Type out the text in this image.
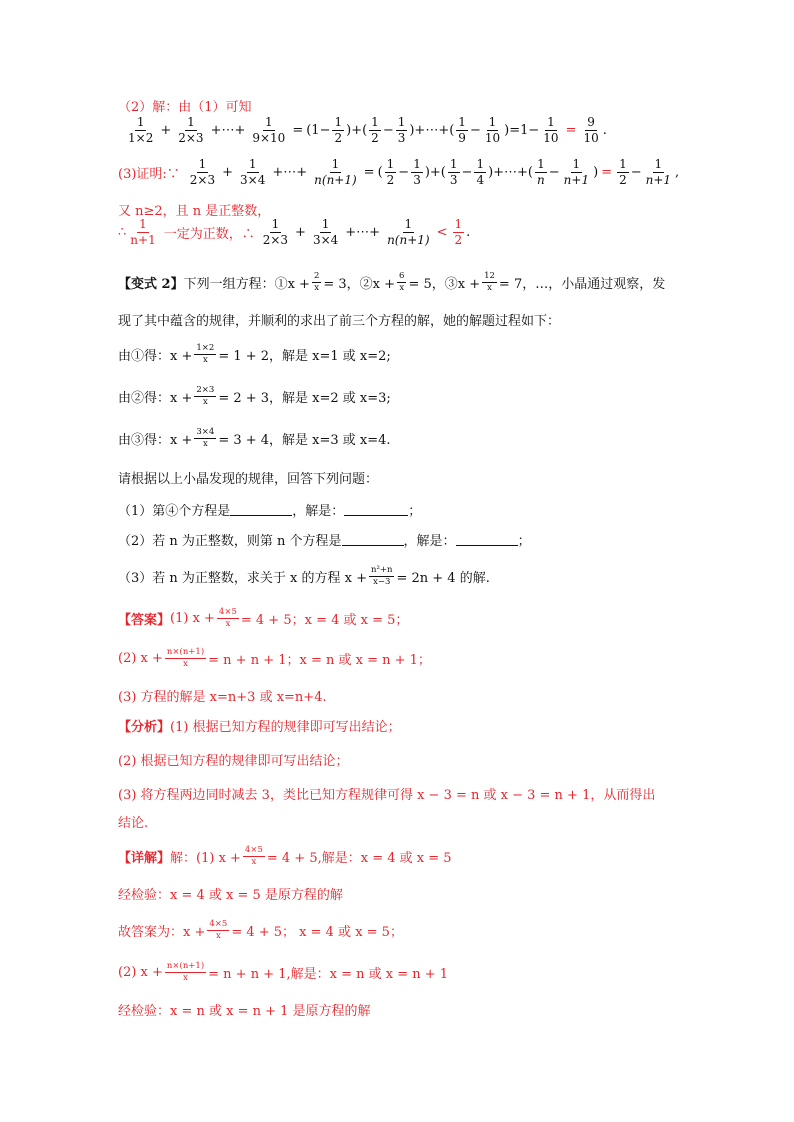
（2）解：由（1）可知
$\frac{1}{1\times 2} + \frac{1}{2\times 3}$ +⋯+ $\frac{1}{9\times 10} = (1- \frac{1}{2}$ )+( $\frac{1}{2} - \frac{1}{3}$ )+⋯+( $\frac{1}{9} - \frac{1}{10} )=1- \frac{1}{10} = \frac{9}{10}$ .
(3)证明:∵ $\frac{1}{2\times 3} + \frac{1}{3\times 4}$ +⋯+ $\frac{1}{n(n+1)}$ = ( $\frac{1}{2} - \frac{1}{3}$ )+( $\frac{1}{3} - \frac{1}{4}$ )+⋯+( $\frac{1}{n} - \frac{1}{n+1}$ ) = $\frac{1}{2} - \frac{1}{n+1}$ ,
又 n≥2，且 n 是正整数，
∴ $\frac{1}{n+1}$ 一定为正数，∴ $\frac{1}{2\times 3} + \frac{1}{3\times 4}$ +⋯+ $\frac{1}{n(n+1)} < \frac{1}{2}$ .
【变式 2】 下列一组方程：①x + $\frac{2}{x} = 3$，②x + $\frac{6}{x} = 5$，③x + $\frac{12}{x} = 7$，…，小晶通过观察，发
现了其中蕴含的规律，并顺利的求出了前三个方程的解，她的解题过程如下：
由①得：$x + \frac{1\times 2}{x} = 1 + 2$，解是 x=1 或 x=2;
由②得：$x + \frac{2\times 3}{x} = 2 + 3$，解是 x=2 或 x=3;
由③得：$x + \frac{3\times 4}{x} = 3 + 4$，解是 x=3 或 x=4.
请根据以上小晶发现的规律，回答下列问题：
（1）第④个方程是	，解是：	；
（2）若 n 为正整数，则第 n 个方程是	，解是：	；
（3）若 n 为正整数，求关于 x 的方程 $x + \frac{\text{n²+n}}{x-3} = 2n + 4$ 的解.
【答案】 (1) $x + \frac{4\times 5}{x} = 4 + 5$；x = 4 或 x = 5；
(2) $x + \frac{n\times(n+1)}{x} = n + n + 1$；x = n 或 x = n + 1；
(3) 方程的解是 x=n+3 或 x=n+4.
【分析】 (1) 根据已知方程的规律即可写出结论；
(2) 根据已知方程的规律即可写出结论；
(3) 将方程两边同时减去 3，类比已知方程规律可得 x − 3 = n 或 x − 3 = n + 1，从而得出
结论.
【详解】 解：(1) $x + \frac{4\times 5}{x} = 4 + 5$,解是：x = 4 或 x = 5
经检验：x = 4 或 x = 5 是原方程的解
故答案为：$x + \frac{4\times 5}{x} = 4 + 5$； x = 4 或 x = 5；
(2) $x + \frac{n\times(n+1)}{x} = n + n + 1$,解是：x = n 或 x = n + 1
经检验：x = n 或 x = n + 1 是原方程的解
